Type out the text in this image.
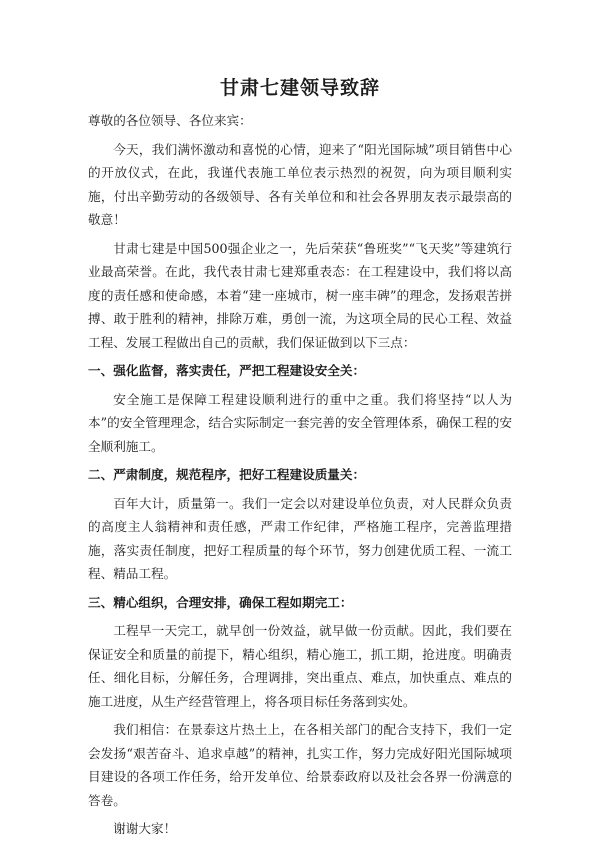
甘肃七建领导致辞
尊敬的各位领导、各位来宾：

今天，我们满怀激动和喜悦的心情，迎来了“阳光国际城”项目销售中心的开放仪式，在此，我谨代表施工单位表示热烈的祝贺，向为项目顺利实施，付出辛勤劳动的各级领导、各有关单位和和社会各界朋友表示最崇高的敬意！

甘肃七建是中国500强企业之一，先后荣获“鲁班奖”“飞天奖”等建筑行业最高荣誉。在此，我代表甘肃七建郑重表态：在工程建设中，我们将以高度的责任感和使命感，本着“建一座城市，树一座丰碑”的理念，发扬艰苦拼搏、敢于胜利的精神，排除万难，勇创一流，为这项全局的民心工程、效益工程、发展工程做出自己的贡献，我们保证做到以下三点：

一、强化监督，落实责任，严把工程建设安全关：

安全施工是保障工程建设顺利进行的重中之重。我们将坚持“以人为本”的安全管理理念，结合实际制定一套完善的安全管理体系，确保工程的安全顺利施工。

二、严肃制度，规范程序，把好工程建设质量关：

百年大计，质量第一。我们一定会以对建设单位负责，对人民群众负责的高度主人翁精神和责任感，严肃工作纪律，严格施工程序，完善监理措施，落实责任制度，把好工程质量的每个环节，努力创建优质工程、一流工程、精品工程。

三、精心组织，合理安排，确保工程如期完工：

工程早一天完工，就早创一份效益，就早做一份贡献。因此，我们要在保证安全和质量的前提下，精心组织，精心施工，抓工期，抢进度。明确责任、细化目标，分解任务，合理调排，突出重点、难点，加快重点、难点的施工进度，从生产经营管理上，将各项目标任务落到实处。

我们相信：在景泰这片热土上，在各相关部门的配合支持下，我们一定会发扬“艰苦奋斗、追求卓越”的精神，扎实工作，努力完成好阳光国际城项目建设的各项工作任务，给开发单位、给景泰政府以及社会各界一份满意的答卷。

谢谢大家！
